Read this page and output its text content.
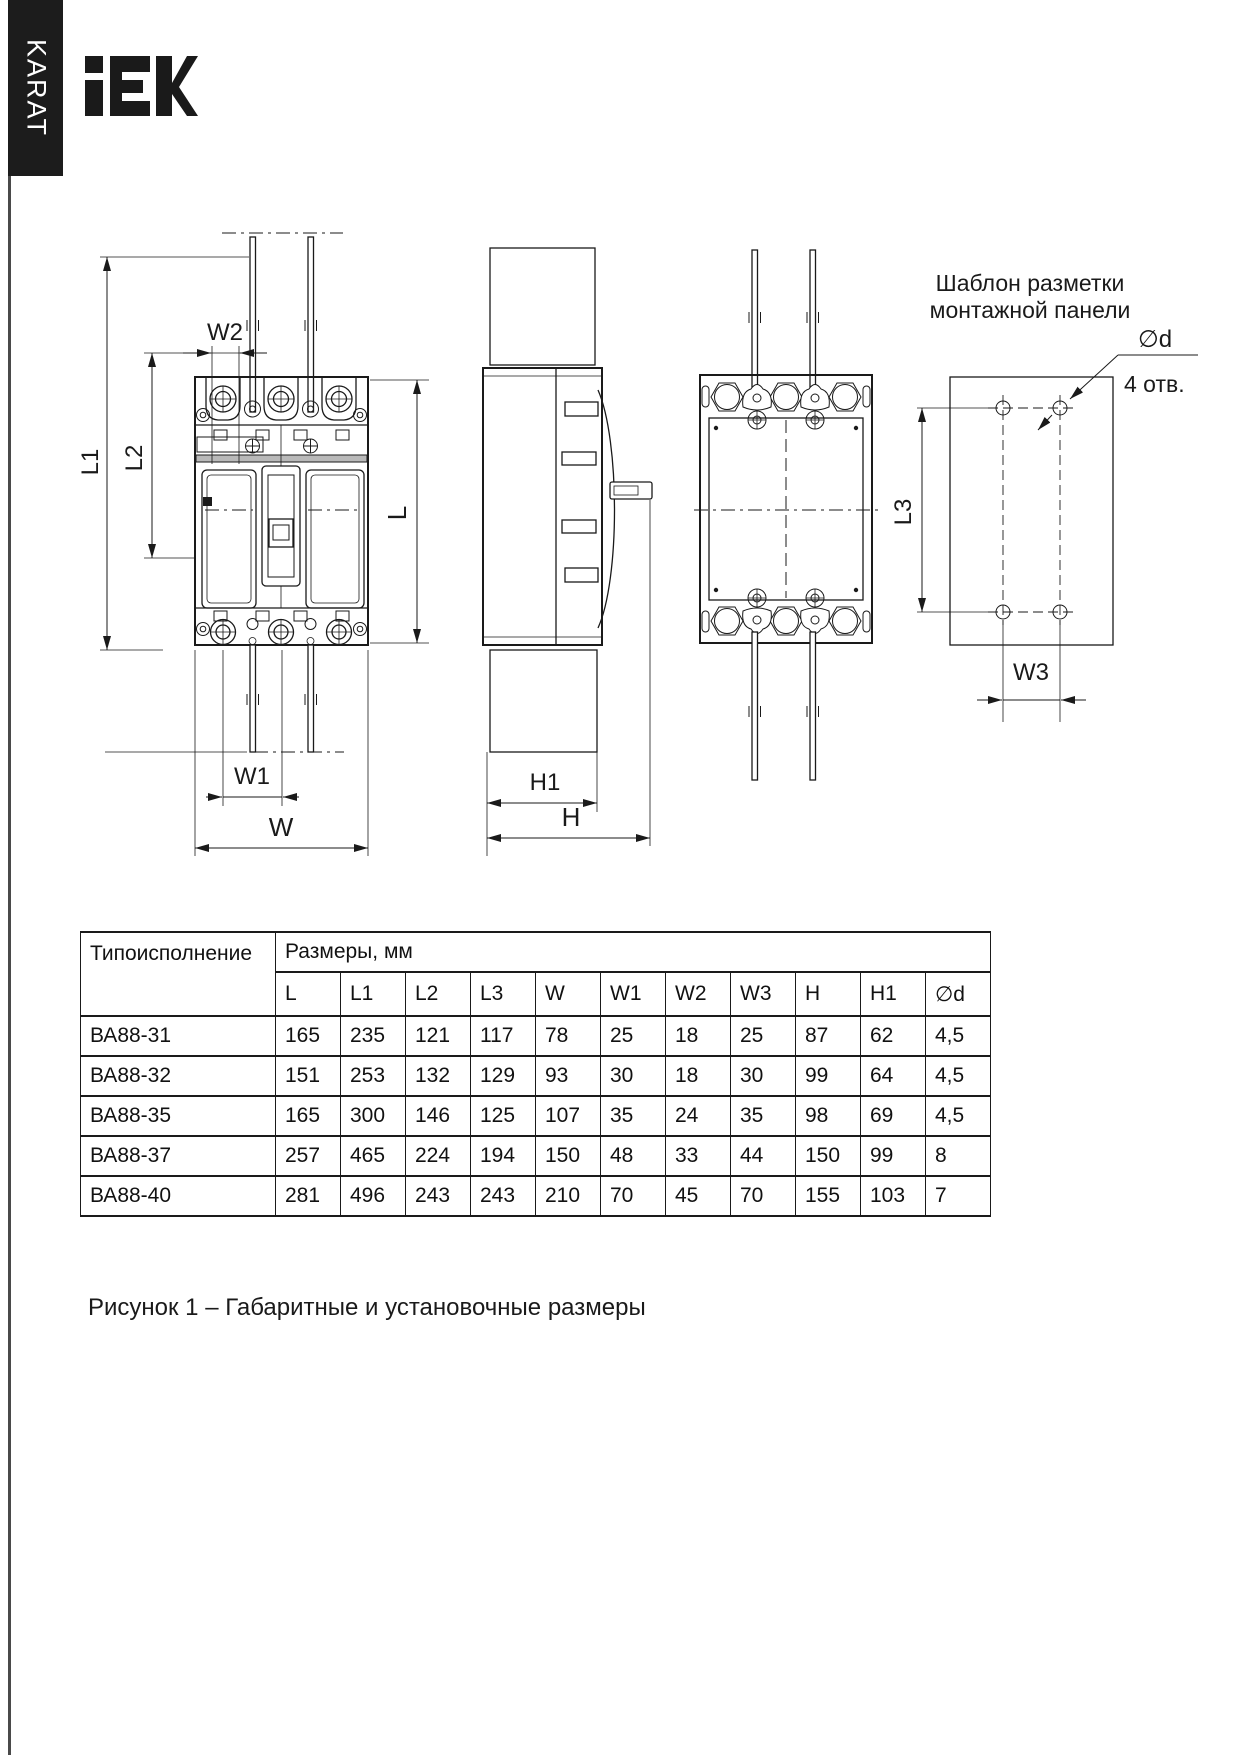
KARAT
L1 L2
W2
L
W1
W
H1
H
Шаблон разметки
монтажной панели
L3
W3
∅d
4 отв.
Типоисполнение	Размеры, мм										
	L	L1	L2	L3	W	W1	W2	W3	H	H1	∅d
ВА88-31	165	235	121	117	78	25	18	25	87	62	4,5
ВА88-32	151	253	132	129	93	30	18	30	99	64	4,5
ВА88-35	165	300	146	125	107	35	24	35	98	69	4,5
ВА88-37	257	465	224	194	150	48	33	44	150	99	8
ВА88-40	281	496	243	243	210	70	45	70	155	103	7
Рисунок 1 – Габаритные и установочные размеры
